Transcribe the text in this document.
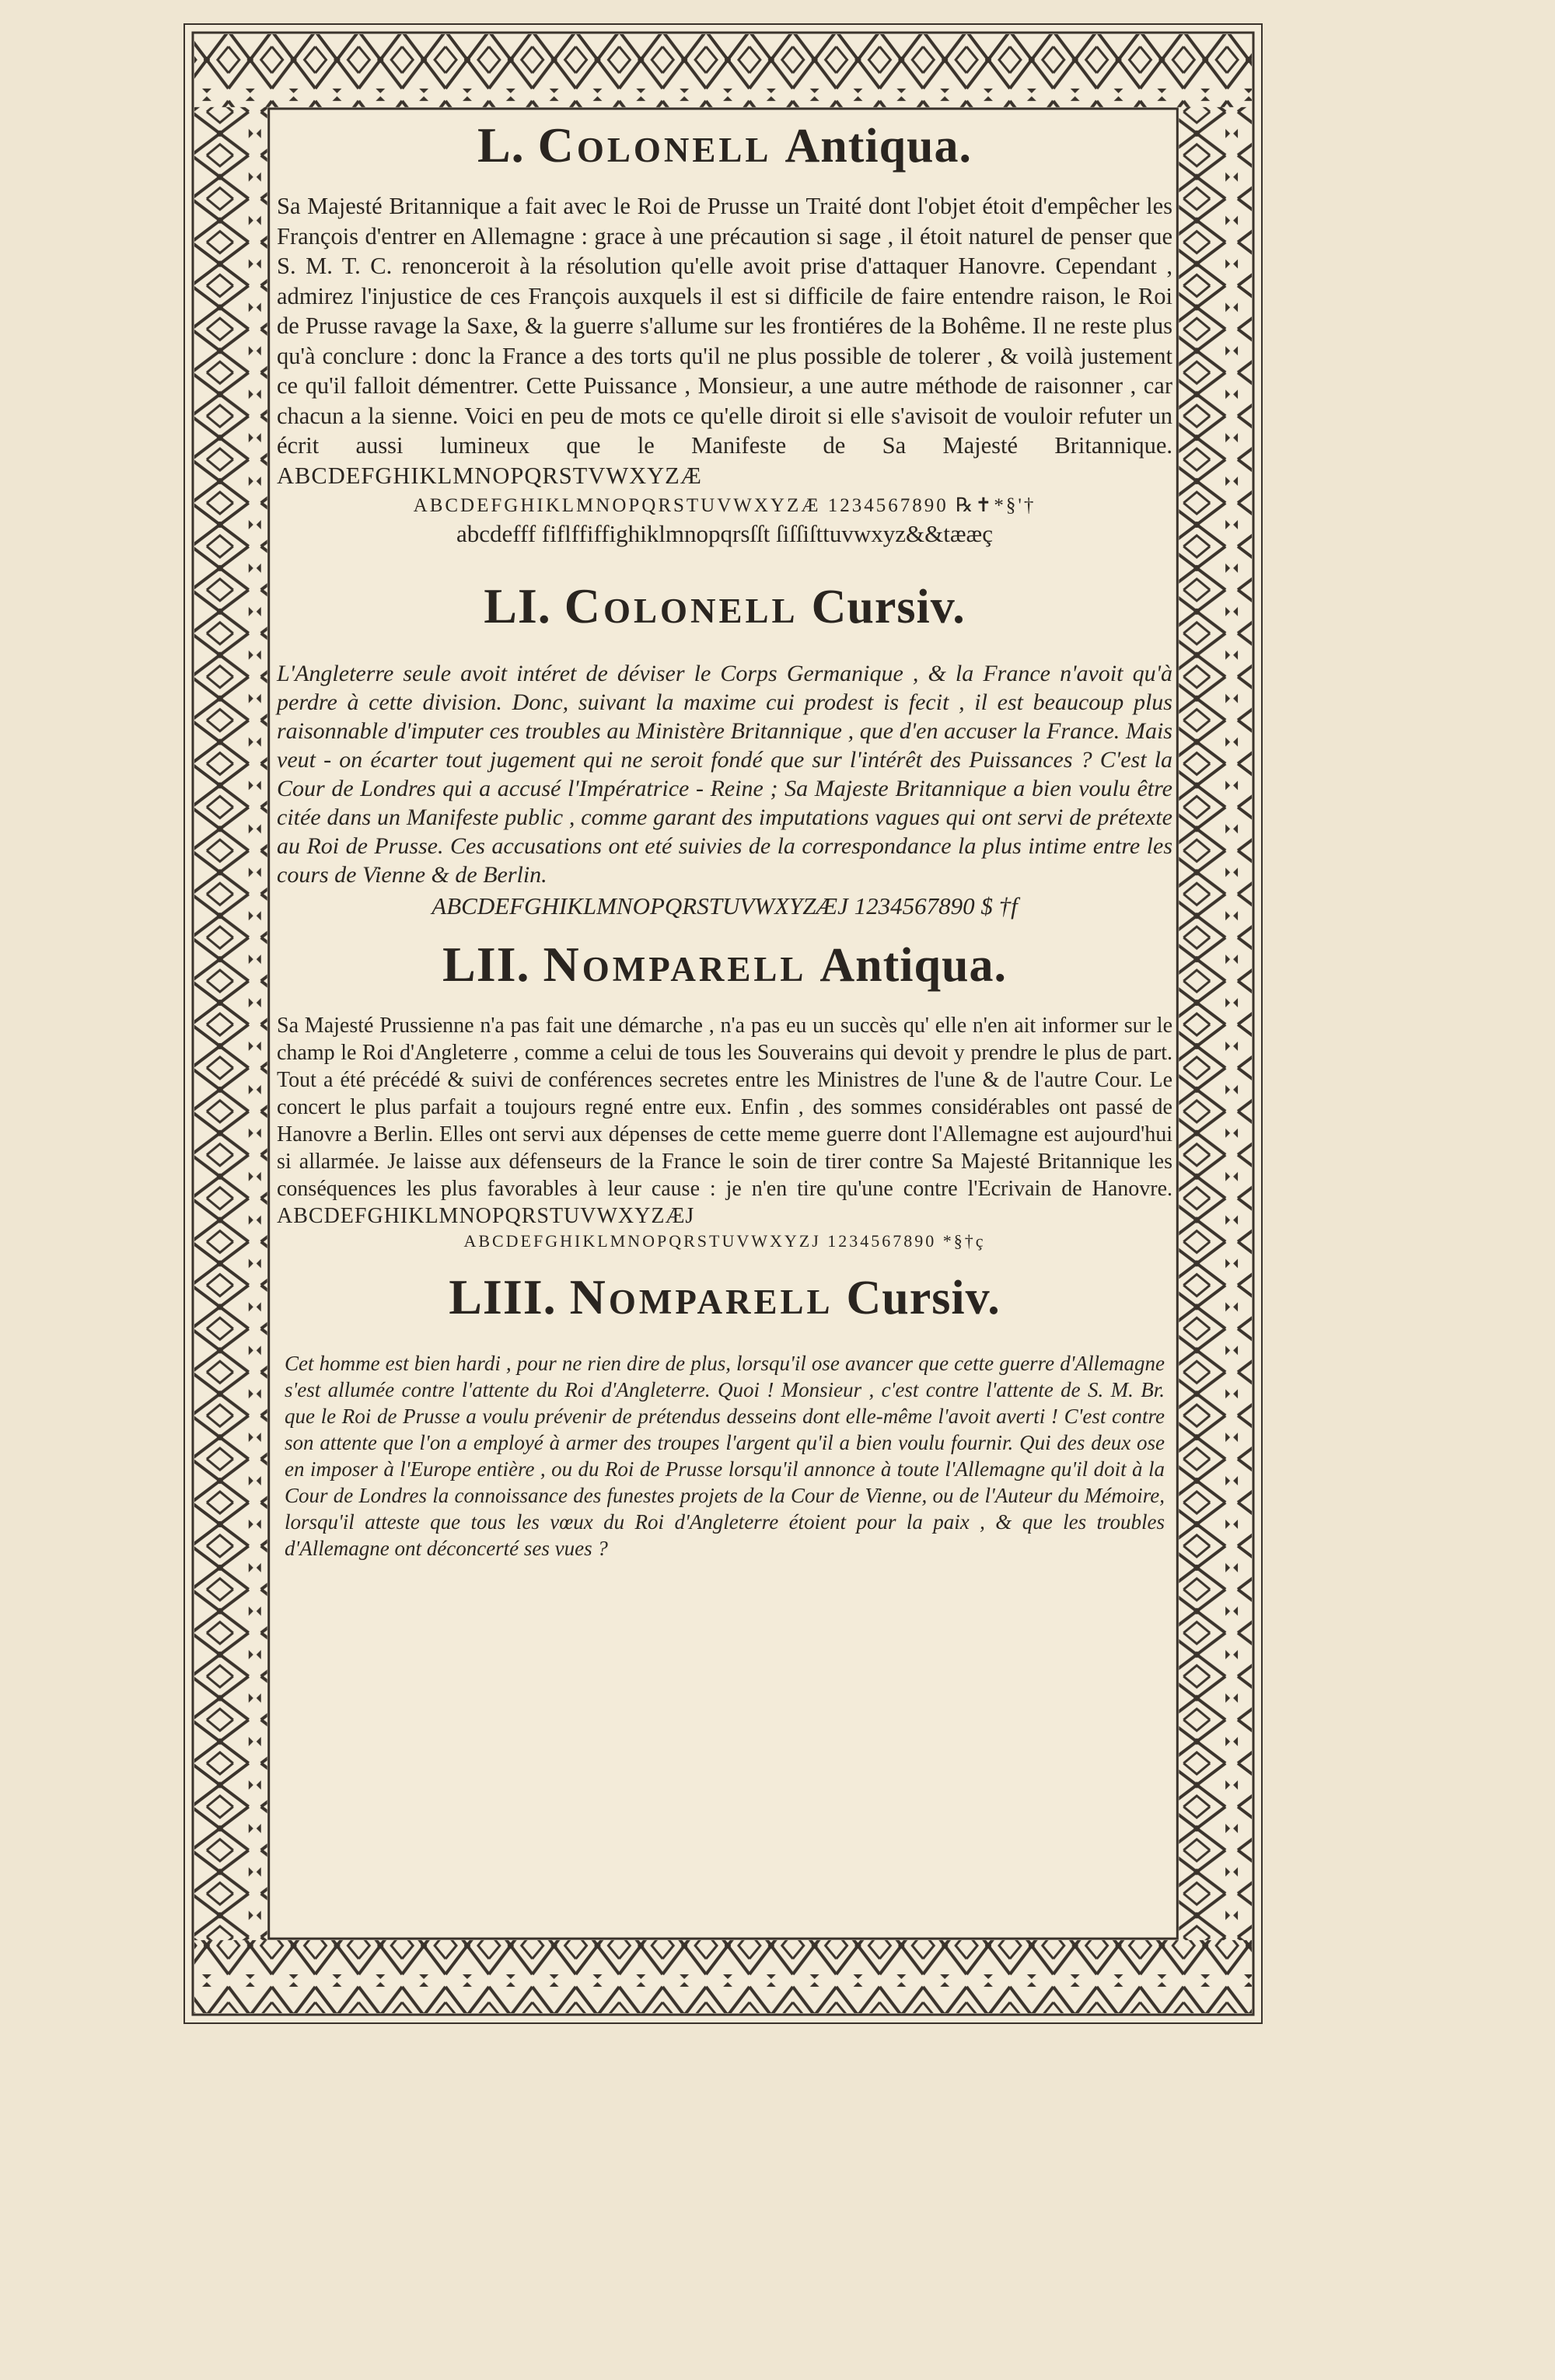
L. Colonell Antiqua.

Sa Majesté Britannique a fait avec le Roi de Prusse un Traité dont l'objet étoit d'empêcher les François d'entrer en Allemagne : grace à une précaution si sage , il étoit naturel de penser que S. M. T. C. renonceroit à la résolution qu'elle avoit prise d'attaquer Hanovre. Cependant , admirez l'injustice de ces François auxquels il est si difficile de faire entendre raison, le Roi de Prusse ravage la Saxe, & la guerre s'allume sur les frontiéres de la Bohême. Il ne reste plus qu'à conclure : donc la France a des torts qu'il ne plus possible de tolerer , & voilà justement ce qu'il falloit démentrer. Cette Puissance , Monsieur, a une autre méthode de raisonner , car chacun a la sienne. Voici en peu de mots ce qu'elle diroit si elle s'avisoit de vouloir refuter un écrit aussi lumineux que le Manifeste de Sa Majesté Britannique. ABCDEFGHIKLMNOPQRSTVWXYZÆ

ABCDEFGHIKLMNOPQRSTUVWXYZÆ 1234567890 ℞✝*§'†

abcdefff fiflffiffighiklmnopqrsſſt ſiſſiſttuvwxyz&&tææç

LI. Colonell Cursiv.

L'Angleterre seule avoit intéret de déviser le Corps Germanique , & la France n'avoit qu'à perdre à cette division. Donc, suivant la maxime cui prodest is fecit , il est beaucoup plus raisonnable d'imputer ces troubles au Ministère Britannique , que d'en accuser la France. Mais veut - on écarter tout jugement qui ne seroit fondé que sur l'intérêt des Puissances ? C'est la Cour de Londres qui a accusé l'Impératrice - Reine ; Sa Majeste Britannique a bien voulu être citée dans un Manifeste public , comme garant des imputations vagues qui ont servi de prétexte au Roi de Prusse. Ces accusations ont eté suivies de la correspondance la plus intime entre les cours de Vienne & de Berlin.

ABCDEFGHIKLMNOPQRSTUVWXYZÆJ 1234567890 $ †f

LII. Nomparell Antiqua.

Sa Majesté Prussienne n'a pas fait une démarche , n'a pas eu un succès qu' elle n'en ait informer sur le champ le Roi d'Angleterre , comme a celui de tous les Souverains qui devoit y prendre le plus de part. Tout a été précédé & suivi de conférences secretes entre les Ministres de l'une & de l'autre Cour. Le concert le plus parfait a toujours regné entre eux. Enfin , des sommes considérables ont passé de Hanovre a Berlin. Elles ont servi aux dépenses de cette meme guerre dont l'Allemagne est aujourd'hui si allarmée. Je laisse aux défenseurs de la France le soin de tirer contre Sa Majesté Britannique les conséquences les plus favorables à leur cause : je n'en tire qu'une contre l'Ecrivain de Hanovre. ABCDEFGHIKLMNOPQRSTUVWXYZÆJ

ABCDEFGHIKLMNOPQRSTUVWXYZJ 1234567890 *§†ç

LIII. Nomparell Cursiv.

Cet homme est bien hardi , pour ne rien dire de plus, lorsqu'il ose avancer que cette guerre d'Allemagne s'est allumée contre l'attente du Roi d'Angleterre. Quoi ! Monsieur , c'est contre l'attente de S. M. Br. que le Roi de Prusse a voulu prévenir de prétendus desseins dont elle-même l'avoit averti ! C'est contre son attente que l'on a employé à armer des troupes l'argent qu'il a bien voulu fournir. Qui des deux ose en imposer à l'Europe entière , ou du Roi de Prusse lorsqu'il annonce à toute l'Allemagne qu'il doit à la Cour de Londres la connoissance des funestes projets de la Cour de Vienne, ou de l'Auteur du Mémoire, lorsqu'il atteste que tous les vœux du Roi d'Angleterre étoient pour la paix , & que les troubles d'Allemagne ont déconcerté ses vues ?
